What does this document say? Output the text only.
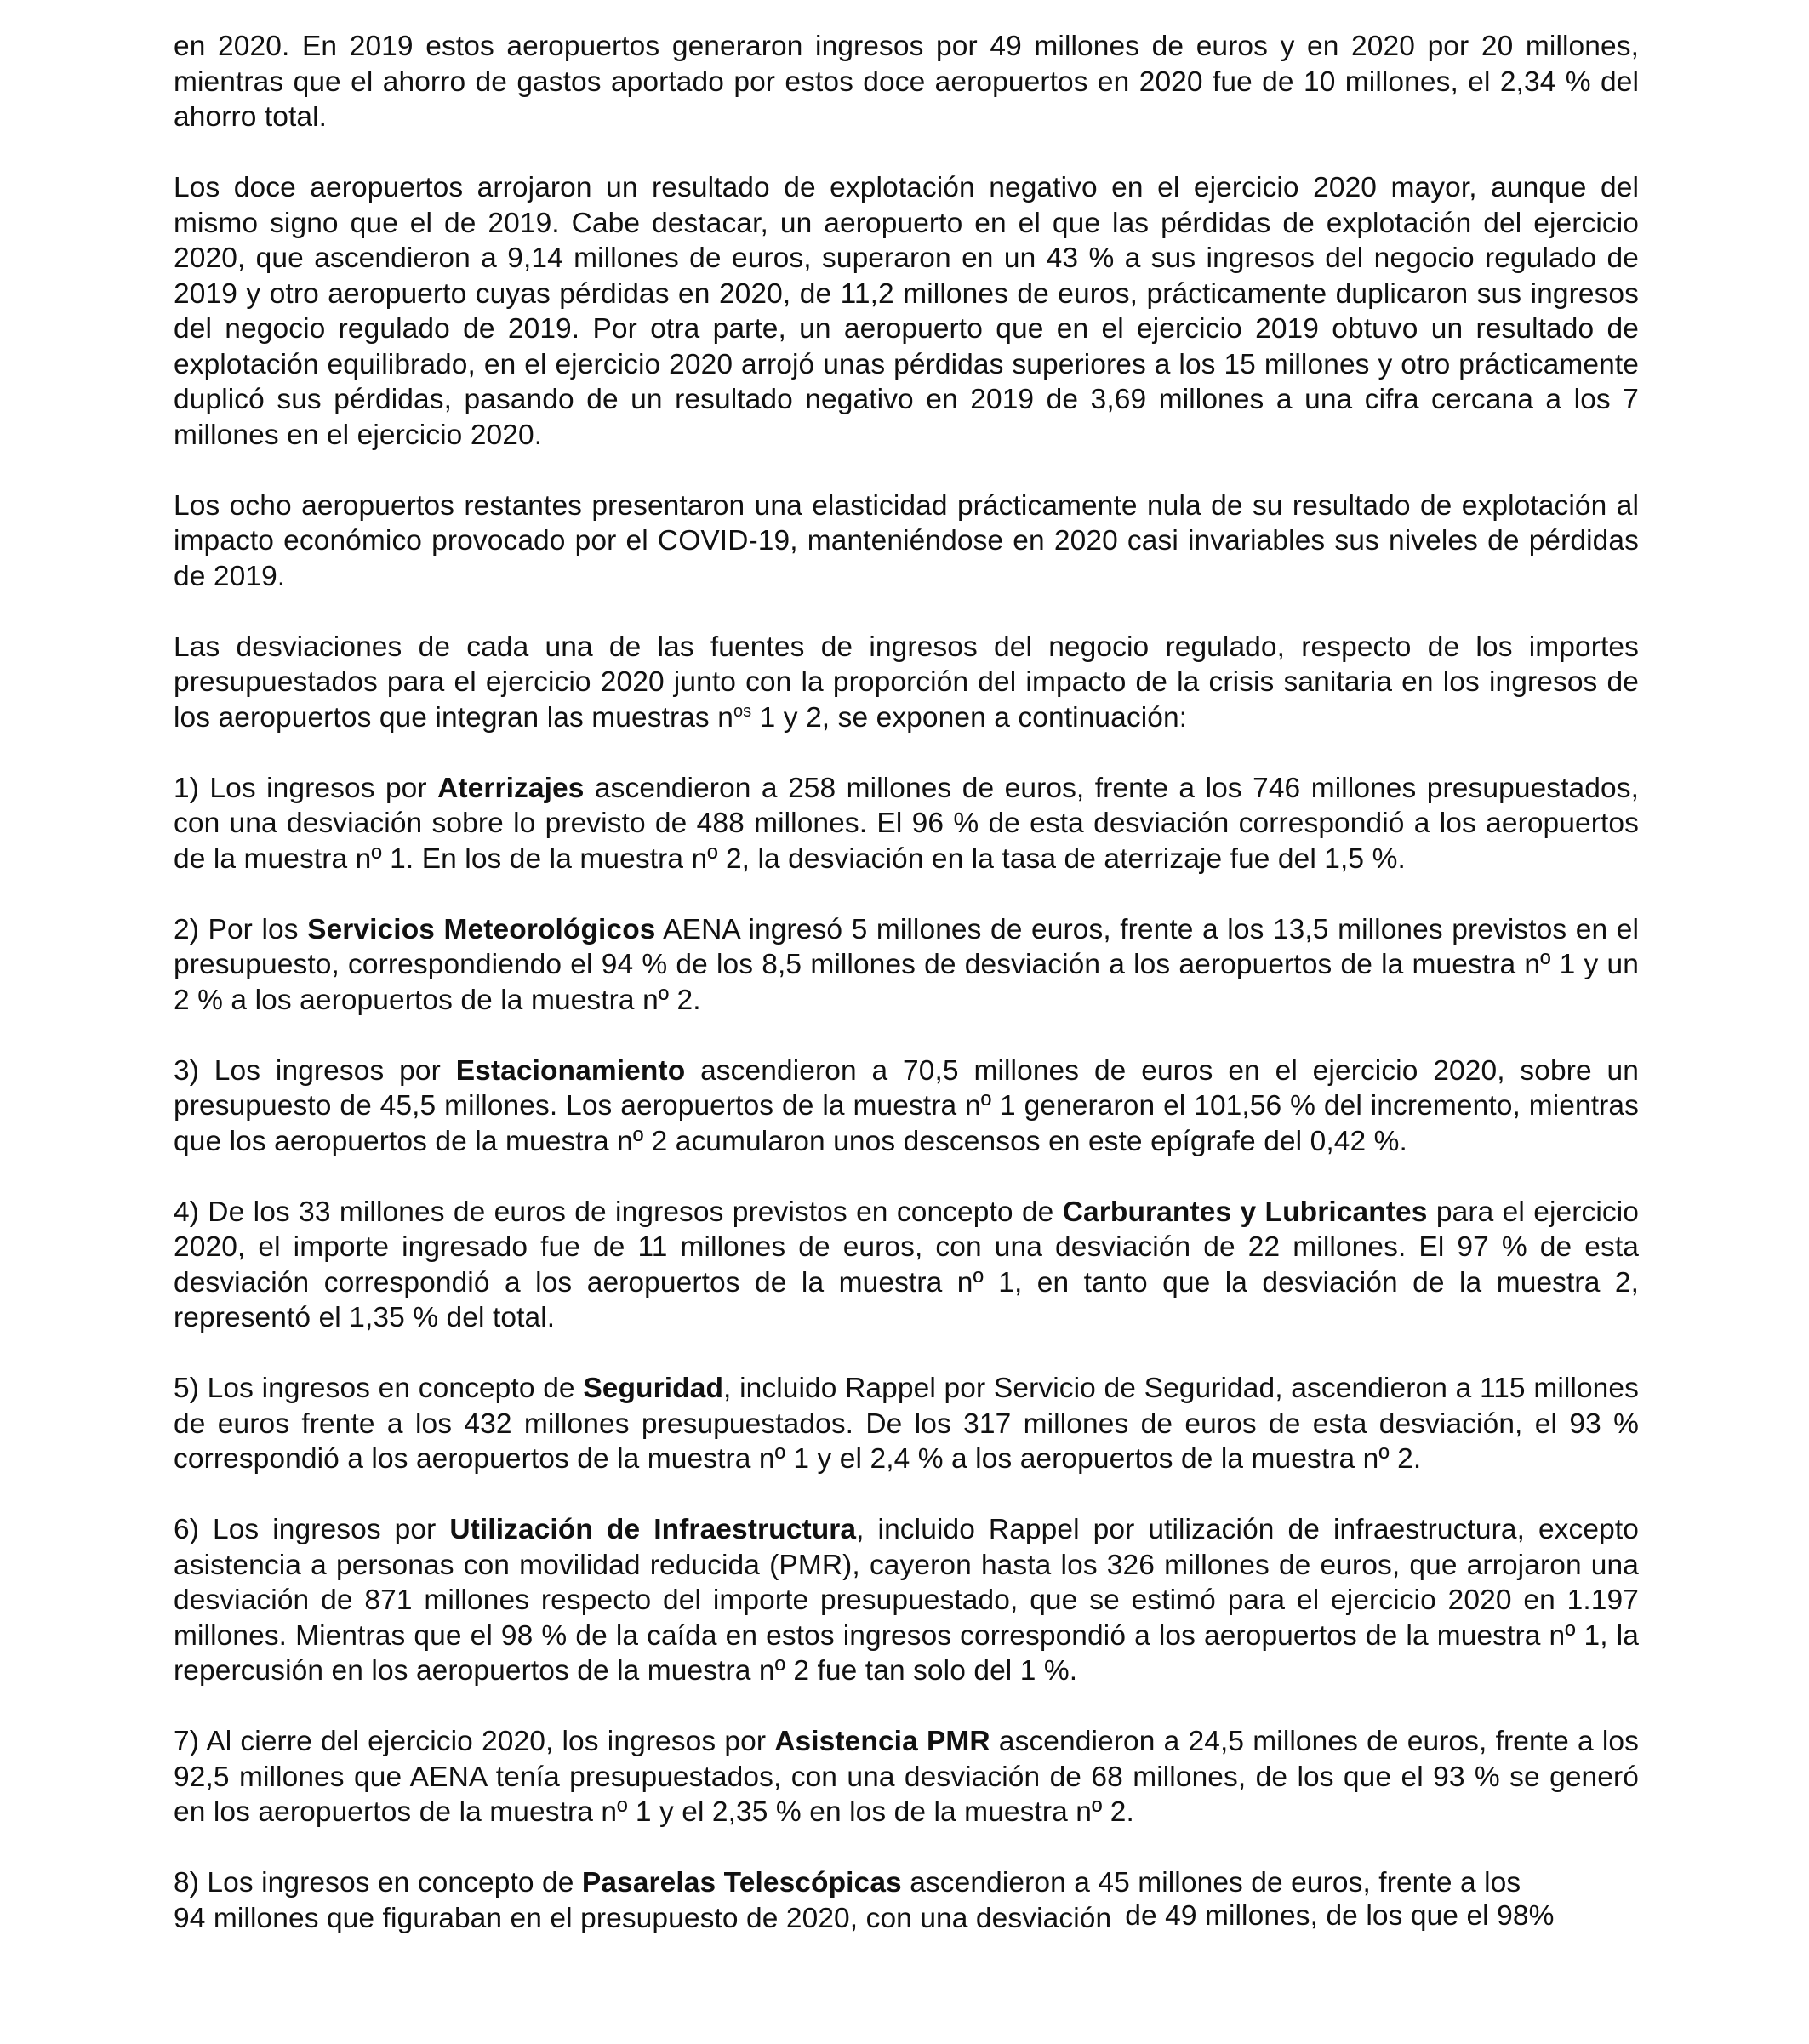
en 2020. En 2019 estos aeropuertos generaron ingresos por 49 millones de euros y en 2020 por 20 millones, mientras que el ahorro de gastos aportado por estos doce aeropuertos en 2020 fue de 10 millones, el 2,34 % del ahorro total.

Los doce aeropuertos arrojaron un resultado de explotación negativo en el ejercicio 2020 mayor, aunque del mismo signo que el de 2019. Cabe destacar, un aeropuerto en el que las pérdidas de explotación del ejercicio 2020, que ascendieron a 9,14 millones de euros, superaron en un 43 % a sus ingresos del negocio regulado de 2019 y otro aeropuerto cuyas pérdidas en 2020, de 11,2 millones de euros, prácticamente duplicaron sus ingresos del negocio regulado de 2019. Por otra parte, un aeropuerto que en el ejercicio 2019 obtuvo un resultado de explotación equilibrado, en el ejercicio 2020 arrojó unas pérdidas superiores a los 15 millones y otro prácticamente duplicó sus pérdidas, pasando de un resultado negativo en 2019 de 3,69 millones a una cifra cercana a los 7 millones en el ejercicio 2020.

Los ocho aeropuertos restantes presentaron una elasticidad prácticamente nula de su resultado de explotación al impacto económico provocado por el COVID-19, manteniéndose en 2020 casi invariables sus niveles de pérdidas de 2019.

Las desviaciones de cada una de las fuentes de ingresos del negocio regulado, respecto de los importes presupuestados para el ejercicio 2020 junto con la proporción del impacto de la crisis sanitaria en los ingresos de los aeropuertos que integran las muestras $n^{os}$ 1 y 2, se exponen a continuación:

1) Los ingresos por Aterrizajes ascendieron a 258 millones de euros, frente a los 746 millones presupuestados, con una desviación sobre lo previsto de 488 millones. El 96 % de esta desviación correspondió a los aeropuertos de la muestra nº 1. En los de la muestra nº 2, la desviación en la tasa de aterrizaje fue del 1,5 %.

2) Por los Servicios Meteorológicos AENA ingresó 5 millones de euros, frente a los 13,5 millones previstos en el presupuesto, correspondiendo el 94 % de los 8,5 millones de desviación a los aeropuertos de la muestra nº 1 y un 2 % a los aeropuertos de la muestra nº 2.

3) Los ingresos por Estacionamiento ascendieron a 70,5 millones de euros en el ejercicio 2020, sobre un presupuesto de 45,5 millones. Los aeropuertos de la muestra nº 1 generaron el 101,56 % del incremento, mientras que los aeropuertos de la muestra nº 2 acumularon unos descensos en este epígrafe del 0,42 %.

4) De los 33 millones de euros de ingresos previstos en concepto de Carburantes y Lubricantes para el ejercicio 2020, el importe ingresado fue de 11 millones de euros, con una desviación de 22 millones. El 97 % de esta desviación correspondió a los aeropuertos de la muestra nº 1, en tanto que la desviación de la muestra 2, representó el 1,35 % del total.

5) Los ingresos en concepto de Seguridad, incluido Rappel por Servicio de Seguridad, ascendieron a 115 millones de euros frente a los 432 millones presupuestados. De los 317 millones de euros de esta desviación, el 93 % correspondió a los aeropuertos de la muestra nº 1 y el 2,4 % a los aeropuertos de la muestra nº 2.

6) Los ingresos por Utilización de Infraestructura, incluido Rappel por utilización de infraestructura, excepto asistencia a personas con movilidad reducida (PMR), cayeron hasta los 326 millones de euros, que arrojaron una desviación de 871 millones respecto del importe presupuestado, que se estimó para el ejercicio 2020 en 1.197 millones. Mientras que el 98 % de la caída en estos ingresos correspondió a los aeropuertos de la muestra nº 1, la repercusión en los aeropuertos de la muestra nº 2 fue tan solo del 1 %.

7) Al cierre del ejercicio 2020, los ingresos por Asistencia PMR ascendieron a 24,5 millones de euros, frente a los 92,5 millones que AENA tenía presupuestados, con una desviación de 68 millones, de los que el 93 % se generó en los aeropuertos de la muestra nº 1 y el 2,35 % en los de la muestra nº 2.

8) Los ingresos en concepto de Pasarelas Telescópicas ascendieron a 45 millones de euros, frente a los
94 millones que figuraban en el presupuesto de 2020, con una desviación de 49 millones, de los que el 98%
